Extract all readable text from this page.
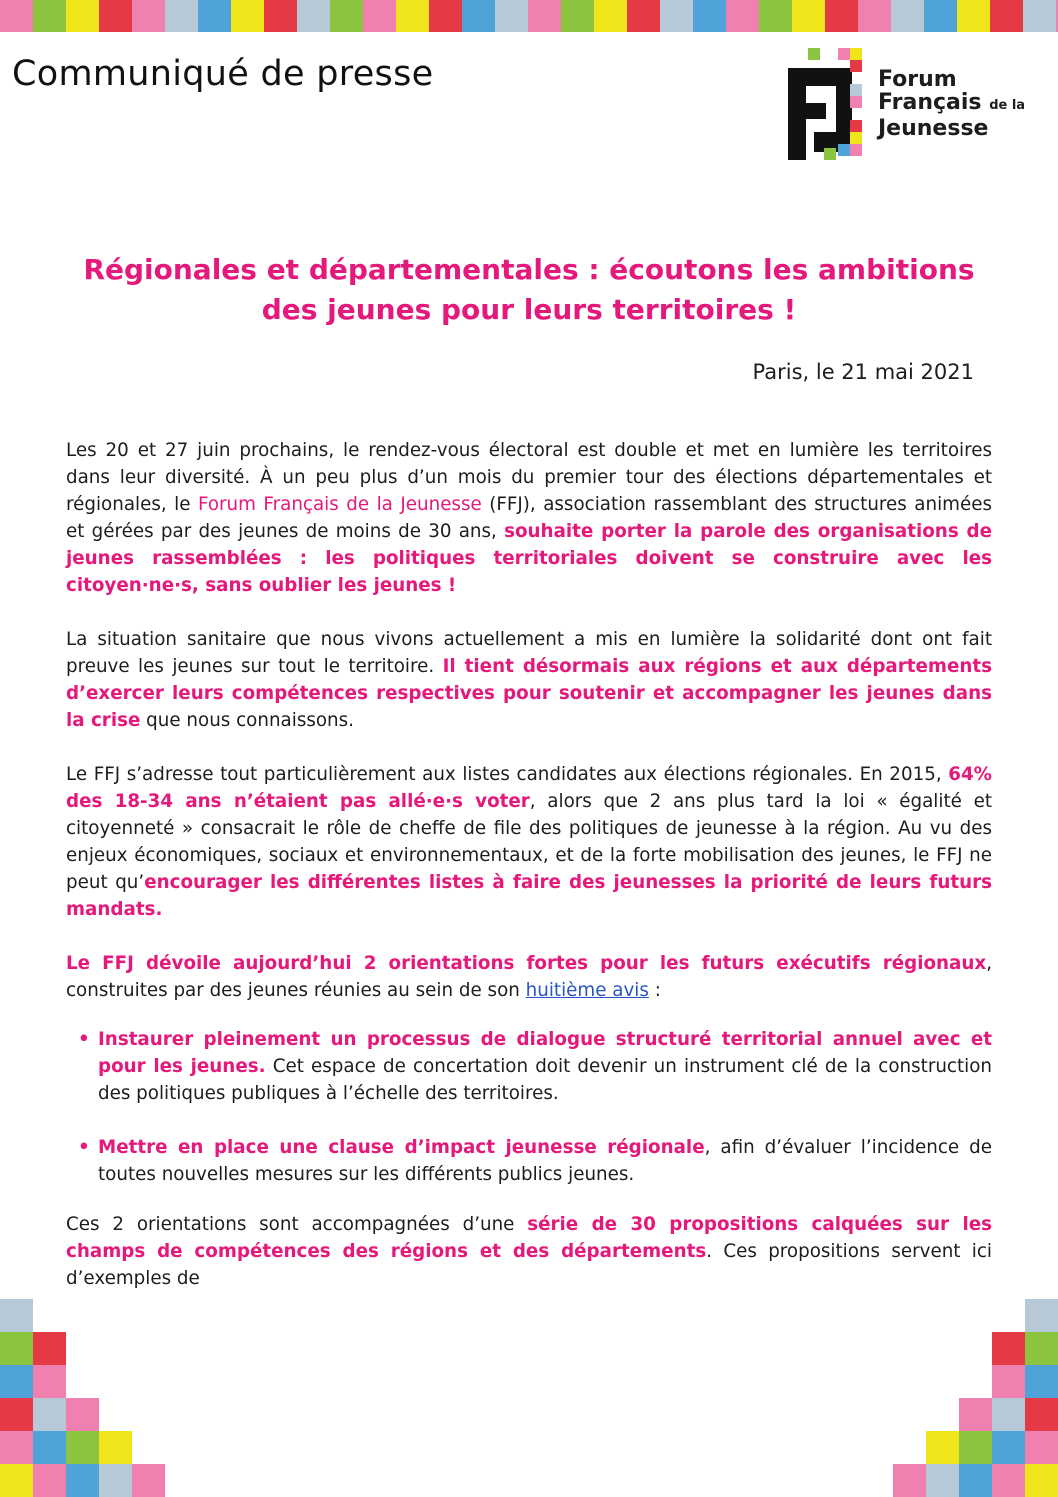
Communiqué de presse	Forum
Français de la
Jeunesse
Régionales et départementales : écoutons les ambitions des jeunes pour leurs territoires !
Paris, le 21 mai 2021

Les 20 et 27 juin prochains, le rendez-vous électoral est double et met en lumière les territoires dans leur diversité. À un peu plus d’un mois du premier tour des élections départementales et régionales, le Forum Français de la Jeunesse (FFJ), association rassemblant des structures animées et gérées par des jeunes de moins de 30 ans, souhaite porter la parole des organisations de jeunes rassemblées : les politiques territoriales doivent se construire avec les citoyen·ne·s, sans oublier les jeunes !

La situation sanitaire que nous vivons actuellement a mis en lumière la solidarité dont ont fait preuve les jeunes sur tout le territoire. Il tient désormais aux régions et aux départements d’exercer leurs compétences respectives pour soutenir et accompagner les jeunes dans la crise que nous connaissons.

Le FFJ s’adresse tout particulièrement aux listes candidates aux élections régionales. En 2015, 64% des 18-34 ans n’étaient pas allé·e·s voter, alors que 2 ans plus tard la loi « égalité et citoyenneté » consacrait le rôle de cheffe de file des politiques de jeunesse à la région. Au vu des enjeux économiques, sociaux et environnementaux, et de la forte mobilisation des jeunes, le FFJ ne peut qu’encourager les différentes listes à faire des jeunesses la priorité de leurs futurs mandats.

Le FFJ dévoile aujourd’hui 2 orientations fortes pour les futurs exécutifs régionaux, construites par des jeunes réunies au sein de son huitième avis :

• Instaurer pleinement un processus de dialogue structuré territorial annuel avec et pour les jeunes. Cet espace de concertation doit devenir un instrument clé de la construction des politiques publiques à l’échelle des territoires.
• Mettre en place une clause d’impact jeunesse régionale, afin d’évaluer l’incidence de toutes nouvelles mesures sur les différents publics jeunes.

Ces 2 orientations sont accompagnées d’une série de 30 propositions calquées sur les champs de compétences des régions et des départements. Ces propositions servent ici d’exemples de
